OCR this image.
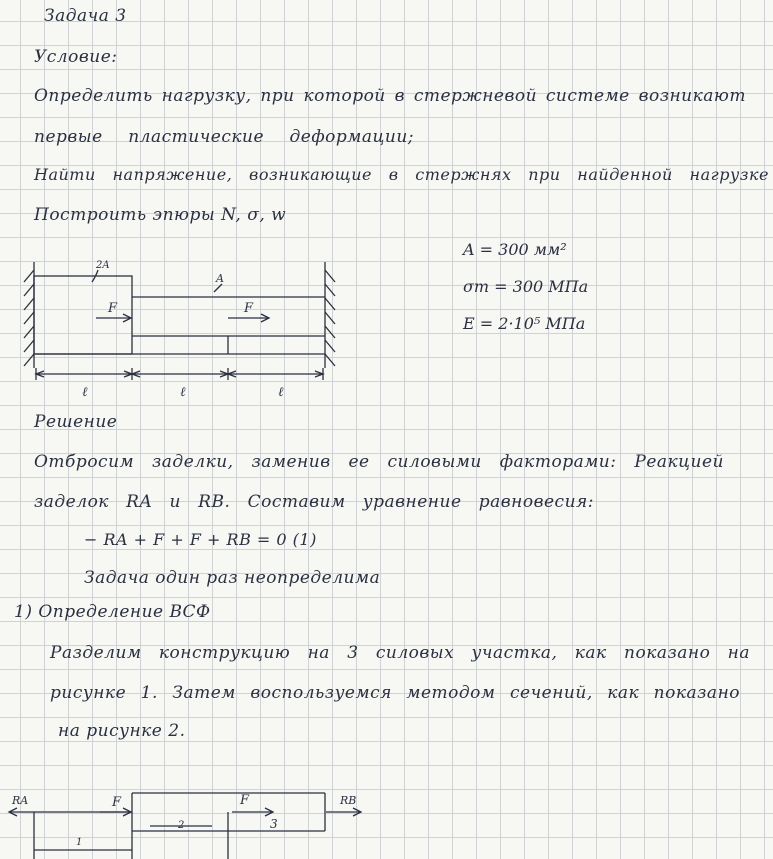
Задача 3
Условие:
Определить нагрузку, при которой в стержневой системе возникают
первые пластические деформации;
Найти напряжение, возникающие в стержнях при найденной нагрузке
Построить эпюры N, σ, w
A = 300 мм²
σт = 300 МПа
E = 2·10⁵ МПа
2A
A
F	F
ℓ	ℓ	ℓ
Решение
Отбросим заделки, заменив ее силовыми факторами: Реакцией
заделок RA и RB. Составим уравнение равновесия:
− RA + F + F + RB = 0 (1)
Задача один раз неопределима
1) Определение ВСФ
Разделим конструкцию на 3 силовых участка, как показано на
рисунке 1. Затем воспользуемся методом сечений, как показано
на рисунке 2.
RA	RB
F	F
1
2	3
